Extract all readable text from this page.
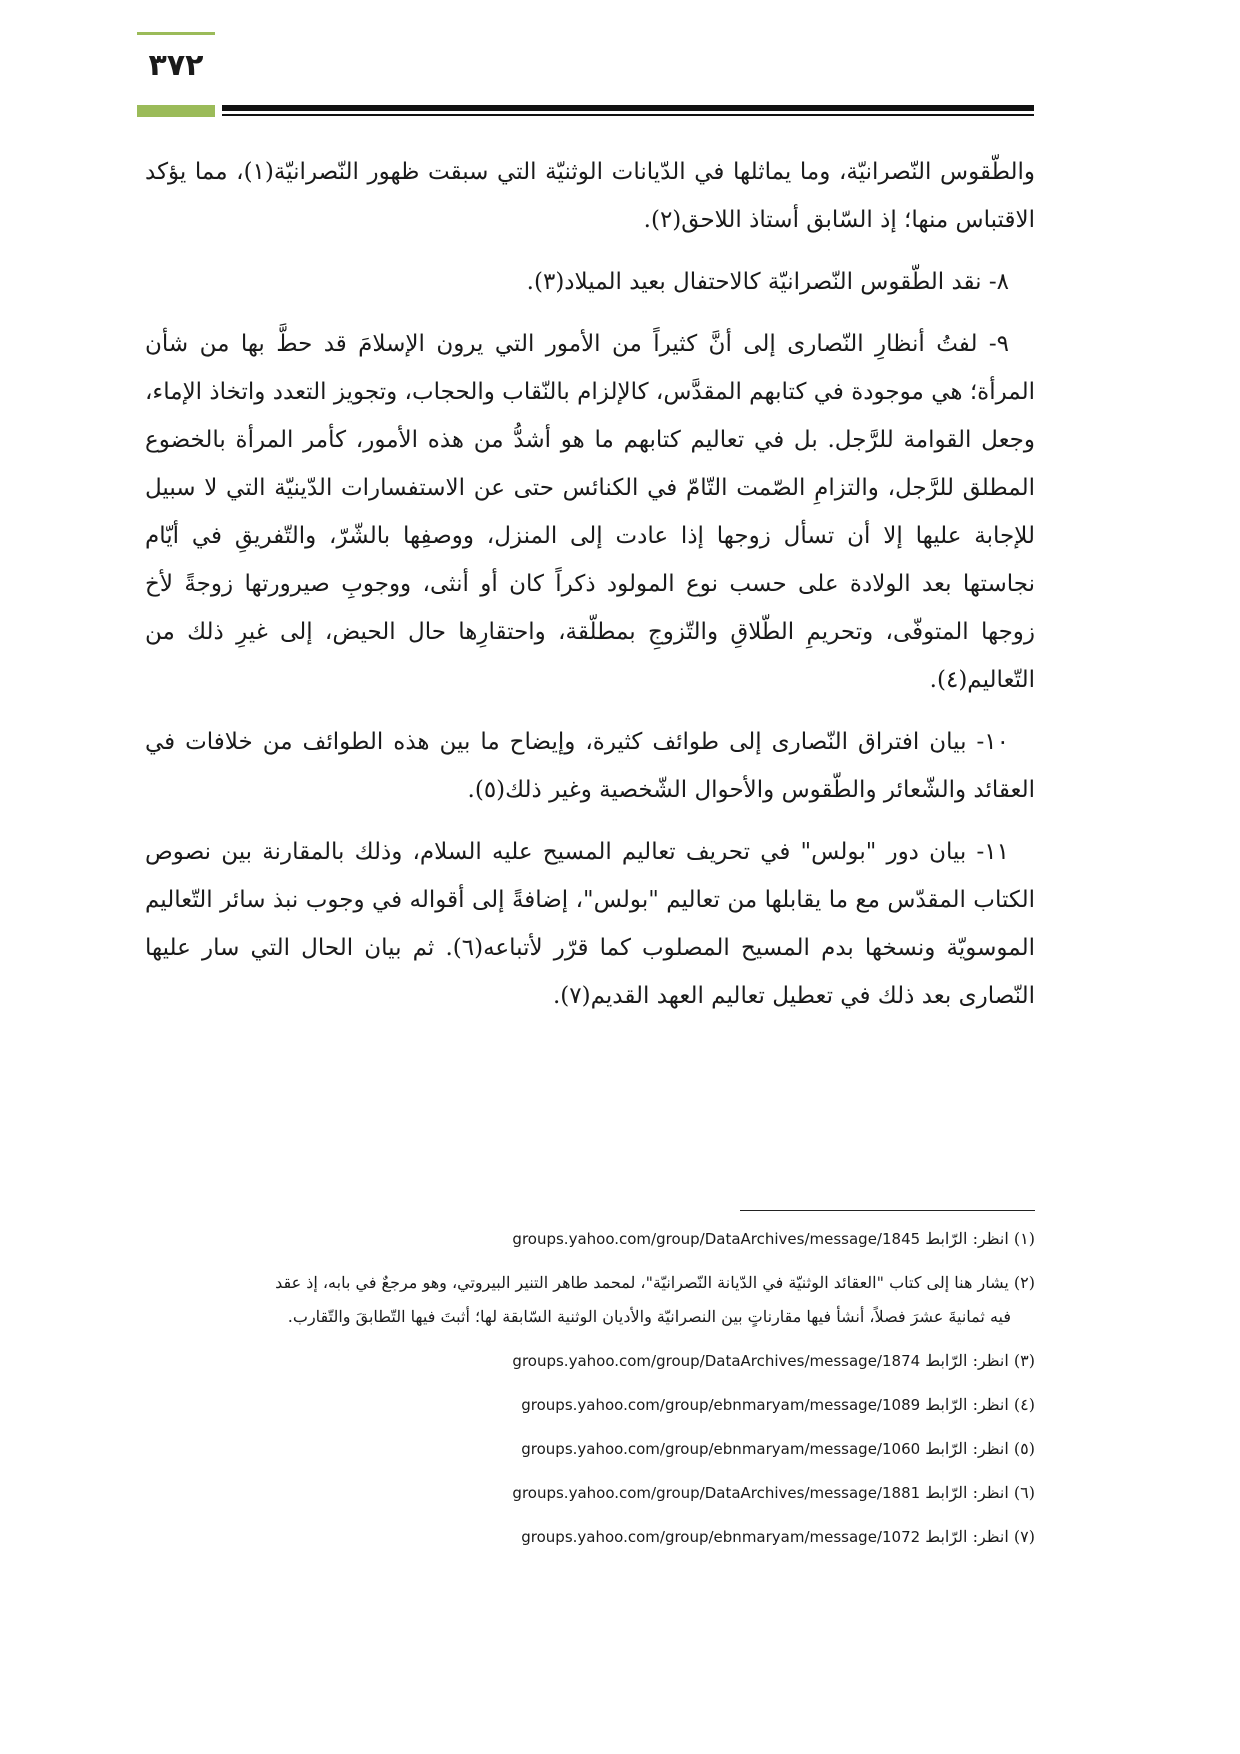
٣٧٢

والطّقوس النّصرانيّة، وما يماثلها في الدّيانات الوثنيّة التي سبقت ظهور النّصرانيّة(١)، مما يؤكد الاقتباس منها؛ إذ السّابق أستاذ اللاحق(٢).

٨- نقد الطّقوس النّصرانيّة كالاحتفال بعيد الميلاد(٣).

٩- لفتُ أنظارِ النّصارى إلى أنَّ كثيراً من الأمور التي يرون الإسلامَ قد حطَّ بها من شأن المرأة؛ هي موجودة في كتابهم المقدَّس، كالإلزام بالنّقاب والحجاب، وتجويز التعدد واتخاذ الإماء، وجعل القوامة للرَّجل. بل في تعاليم كتابهم ما هو أشدُّ من هذه الأمور، كأمر المرأة بالخضوع المطلق للرَّجل، والتزامِ الصّمت التّامّ في الكنائس حتى عن الاستفسارات الدّينيّة التي لا سبيل للإجابة عليها إلا أن تسأل زوجها إذا عادت إلى المنزل، ووصفِها بالشّرّ، والتّفريقِ في أيّام نجاستها بعد الولادة على حسب نوع المولود ذكراً كان أو أنثى، ووجوبِ صيرورتها زوجةً لأخ زوجها المتوفّى، وتحريمِ الطّلاقِ والتّزوجِ بمطلّقة، واحتقارِها حال الحيض، إلى غيرِ ذلك من التّعاليم(٤).

١٠- بيان افتراق النّصارى إلى طوائف كثيرة، وإيضاح ما بين هذه الطوائف من خلافات في العقائد والشّعائر والطّقوس والأحوال الشّخصية وغير ذلك(٥).

١١- بيان دور "بولس" في تحريف تعاليم المسيح عليه السلام، وذلك بالمقارنة بين نصوص الكتاب المقدّس مع ما يقابلها من تعاليم "بولس"، إضافةً إلى أقواله في وجوب نبذ سائر التّعاليم الموسويّة ونسخها بدم المسيح المصلوب كما قرّر لأتباعه(٦). ثم بيان الحال التي سار عليها النّصارى بعد ذلك في تعطيل تعاليم العهد القديم(٧).

(١) انظر: الرّابط groups.yahoo.com/group/DataArchives/message/1845
(٢) يشار هنا إلى كتاب "العقائد الوثنيّة في الدّيانة النّصرانيّة"، لمحمد طاهر التنير البيروتي، وهو مرجعٌ في بابه، إذ عقد
فيه ثمانيةَ عشرَ فصلاً، أنشأ فيها مقارناتٍ بين النصرانيّة والأديان الوثنية السّابقة لها؛ أثبتَ فيها التّطابقَ والتّقارب.
(٣) انظر: الرّابط groups.yahoo.com/group/DataArchives/message/1874
(٤) انظر: الرّابط groups.yahoo.com/group/ebnmaryam/message/1089
(٥) انظر: الرّابط groups.yahoo.com/group/ebnmaryam/message/1060
(٦) انظر: الرّابط groups.yahoo.com/group/DataArchives/message/1881
(٧) انظر: الرّابط groups.yahoo.com/group/ebnmaryam/message/1072
